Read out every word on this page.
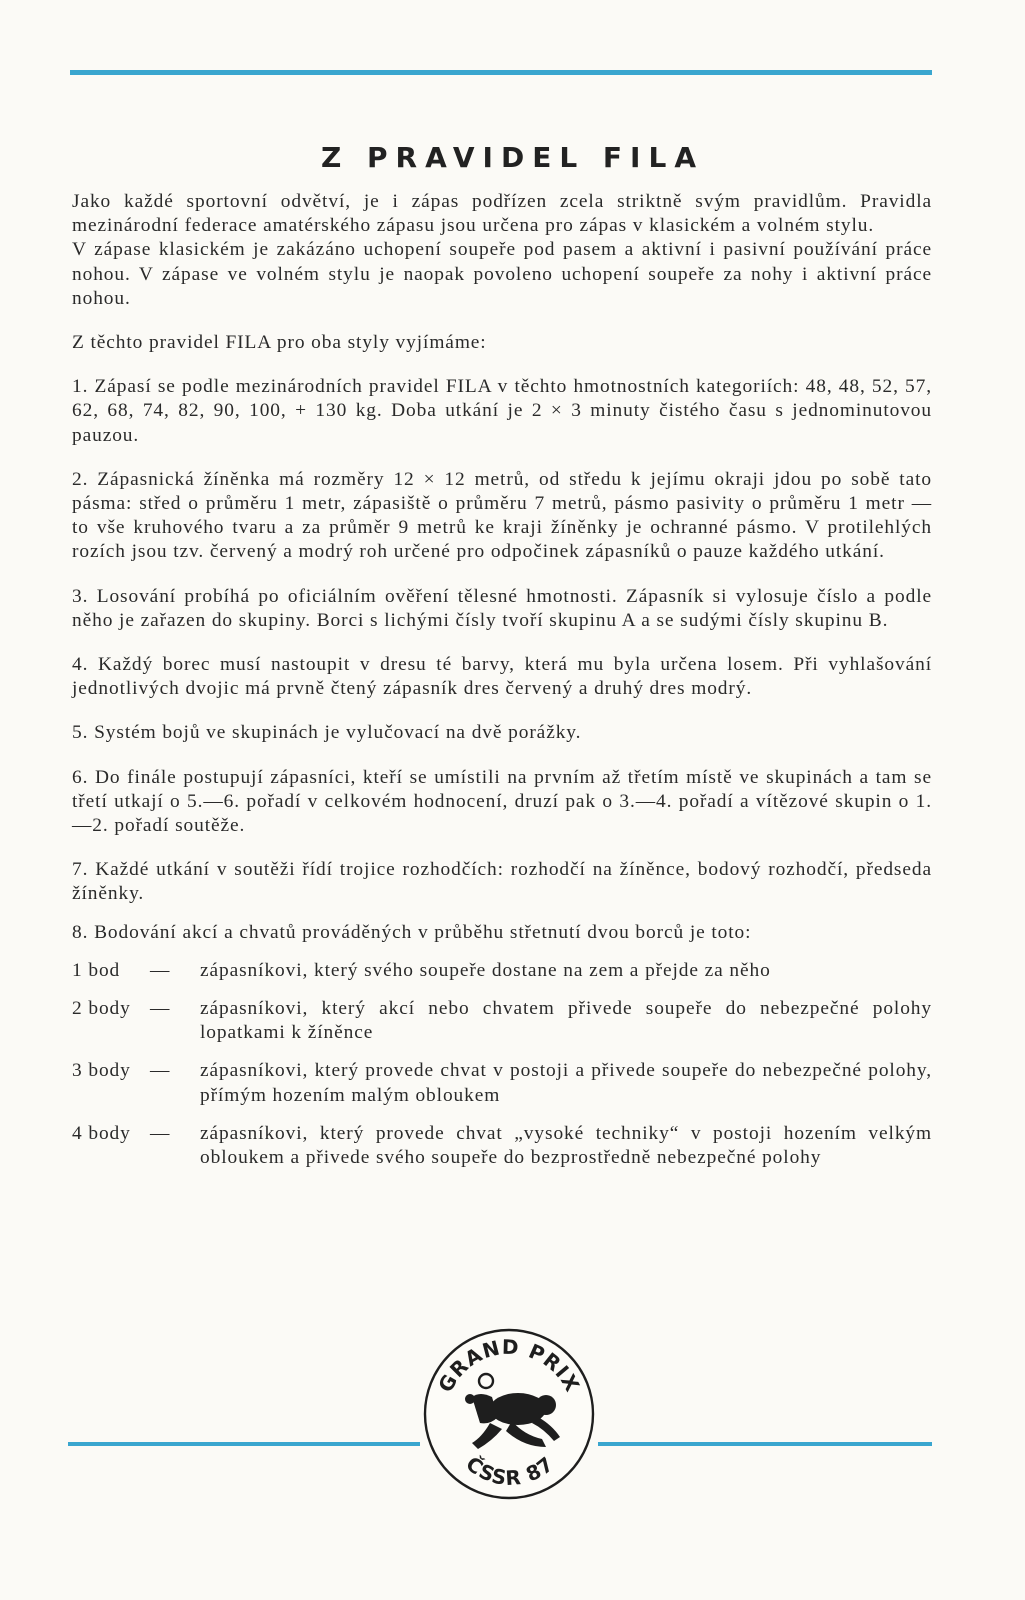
Z PRAVIDEL FILA

Jako každé sportovní odvětví, je i zápas podřízen zcela striktně svým pravidlům. Pravidla mezinárodní federace amatérského zápasu jsou určena pro zápas v klasickém a volném stylu.

V zápase klasickém je zakázáno uchopení soupeře pod pasem a aktivní i pasivní používání práce nohou. V zápase ve volném stylu je naopak povoleno uchopení soupeře za nohy i aktivní práce nohou.

Z těchto pravidel FILA pro oba styly vyjímáme:

1. Zápasí se podle mezinárodních pravidel FILA v těchto hmotnostních kategoriích: 48, 48, 52, 57, 62, 68, 74, 82, 90, 100, + 130 kg. Doba utkání je 2 × 3 minuty čistého času s jednominutovou pauzou.

2. Zápasnická žíněnka má rozměry 12 × 12 metrů, od středu k jejímu okraji jdou po sobě tato pásma: střed o průměru 1 metr, zápasiště o průměru 7 metrů, pásmo pasivity o průměru 1 metr — to vše kruhového tvaru a za průměr 9 metrů ke kraji žíněnky je ochranné pásmo. V protilehlých rozích jsou tzv. červený a modrý roh určené pro odpočinek zápasníků o pauze každého utkání.

3. Losování probíhá po oficiálním ověření tělesné hmotnosti. Zápasník si vylosuje číslo a podle něho je zařazen do skupiny. Borci s lichými čísly tvoří skupinu A a se sudými čísly skupinu B.

4. Každý borec musí nastoupit v dresu té barvy, která mu byla určena losem. Při vyhlašování jednotlivých dvojic má prvně čtený zápasník dres červený a druhý dres modrý.

5. Systém bojů ve skupinách je vylučovací na dvě porážky.

6. Do finále postupují zápasníci, kteří se umístili na prvním až třetím místě ve skupinách a tam se třetí utkají o 5.—6. pořadí v celkovém hodnocení, druzí pak o 3.—4. pořadí a vítězové skupin o 1.—2. pořadí soutěže.

7. Každé utkání v soutěži řídí trojice rozhodčích: rozhodčí na žíněnce, bodový rozhodčí, předseda žíněnky.

8. Bodování akcí a chvatů prováděných v průběhu střetnutí dvou borců je toto:

1 bod	—	zápasníkovi, který svého soupeře dostane na zem a přejde za něho
2 body —	zápasníkovi, který akcí nebo chvatem přivede soupeře do nebezpečné polohy lopatkami k žíněnce
3 body —	zápasníkovi, který provede chvat v postoji a přivede soupeře do nebezpečné polohy, přímým hozením malým obloukem
4 body —	zápasníkovi, který provede chvat „vysoké techniky“ v postoji hozením velkým obloukem a přivede svého soupeře do bezprostředně nebezpečné polohy
GRAND PRIX
ČSSR 87
